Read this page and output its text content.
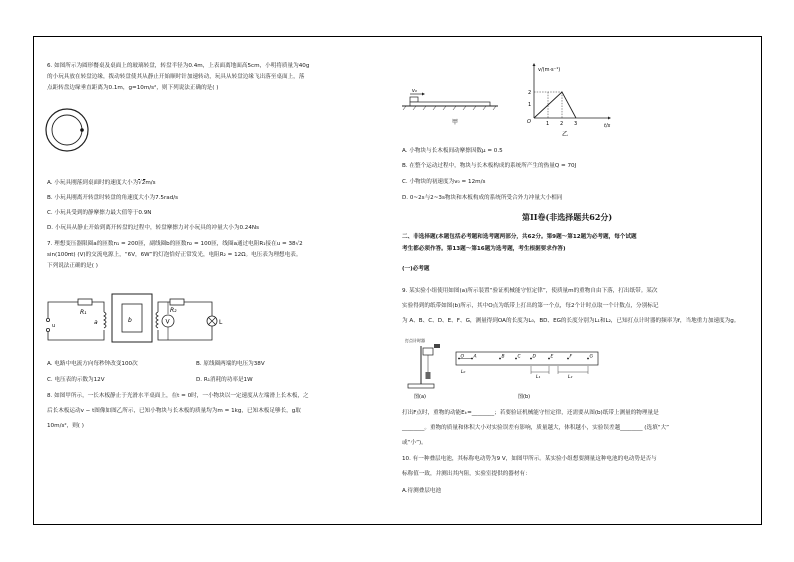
6. 如图所示为圆形餐桌及桌面上的玻璃转盘，转盘半径为0.4m，上表面离地面高5cm，小明将质量为40g
的小玩具放在转盘边缘，拨动转盘使其从静止开始顺时针加速转动，玩具从转盘边缘飞出落至桌面上，落
点距转盘边缘垂直距离为0.1m，g=10m/s²，则下列说法正确的是( )
A. 小玩具刚落到桌面时的速度大小为√2m/s
B. 小玩具刚离开转盘时转盘的角速度大小为7.5rad/s
C. 小玩具受到的静摩擦力最大值等于0.9N
D. 小玩具从静止开始到离开转盘的过程中，转盘摩擦力对小玩具的冲量大小为0.24Ns
7. 理想变压器限圈a的匝数n₁ = 200匝，副线圈b的匝数n₂ = 100匝，线圈a通过电阻R₁接在u = 38√2
sin(100πt) (V)的交流电源上，“6V，6W”的灯泡恰好正常发光，电阻R₂ = 12Ω。电压表为理想电表。
下列说法正确的是( )
u
R₁
a	b
R₂
V	L
A. 电路中电流方向每秒钟改变100次	B. 原线圈两端的电压为38V
C. 电压表的示数为12V	D. R₁消耗的功率是1W
8. 如图甲所示，一长木板静止于光滑水平桌面上，在t = 0时，一小物块以一定速度从左端滑上长木板，之
后长木板运动v − t图像如图乙所示，已知小物块与长木板的质量均为m = 1kg，已知木板足够长，g取
10m/s²，则( )
v₀
甲
v/(m·s⁻¹)
t/s
O
1
2
1 2 3
乙
A. 小物块与长木板间动摩擦因数μ = 0.5
B. 在整个运动过程中，物块与长木板构成的系统所产生的热量Q = 70J
C. 小物块的初速度为v₀ = 12m/s
D. 0~2s与2~3s物块和木板构成的系统所受合外力冲量大小相同
第II卷(非选择题共62分)
二、非选择题(本题包括必考题和选考题两部分，共62分。第9题～第12题为必考题，每个试题
考生都必须作答。第13题～第16题为选考题，考生根据要求作答)
(一)必考题
9. 某实验小组使用如图(a)所示装置“验证机械能守恒定律”，使质量m的重物自由下落，打出纸带。某次
实验得到的纸带如图(b)所示，其中O点为纸带上打出的第一个点，每2个计时点取一个计数点，分别标记
为 A、B、C、D、E、F、G，测量得到OA的长度为L₀，BD、EG的长度分别为L₁和L₂，已知打点计时器的频率为f，当地重力加速度为g。
打点计时器
图(a)
O A	B	C	D	E	F	G
L₀
L₁	L₂
图(b)
打出F点时，重物的动能Eₖ=________；若要验证机械能守恒定律，还需要从图(b)纸带上测量的物理量是
________。重物的质量和体积大小对实验误差有影响，质量越大，体积越小，实验误差越________ (选填“大”
或“小”)。
10. 有一种叠层电池，其标称电动势为9 V，如图甲所示。某实验小组想要测量这种电池的电动势是否与
标称值一致，并测出其内阻，实验室提供的器材有：
A.待测叠层电池
